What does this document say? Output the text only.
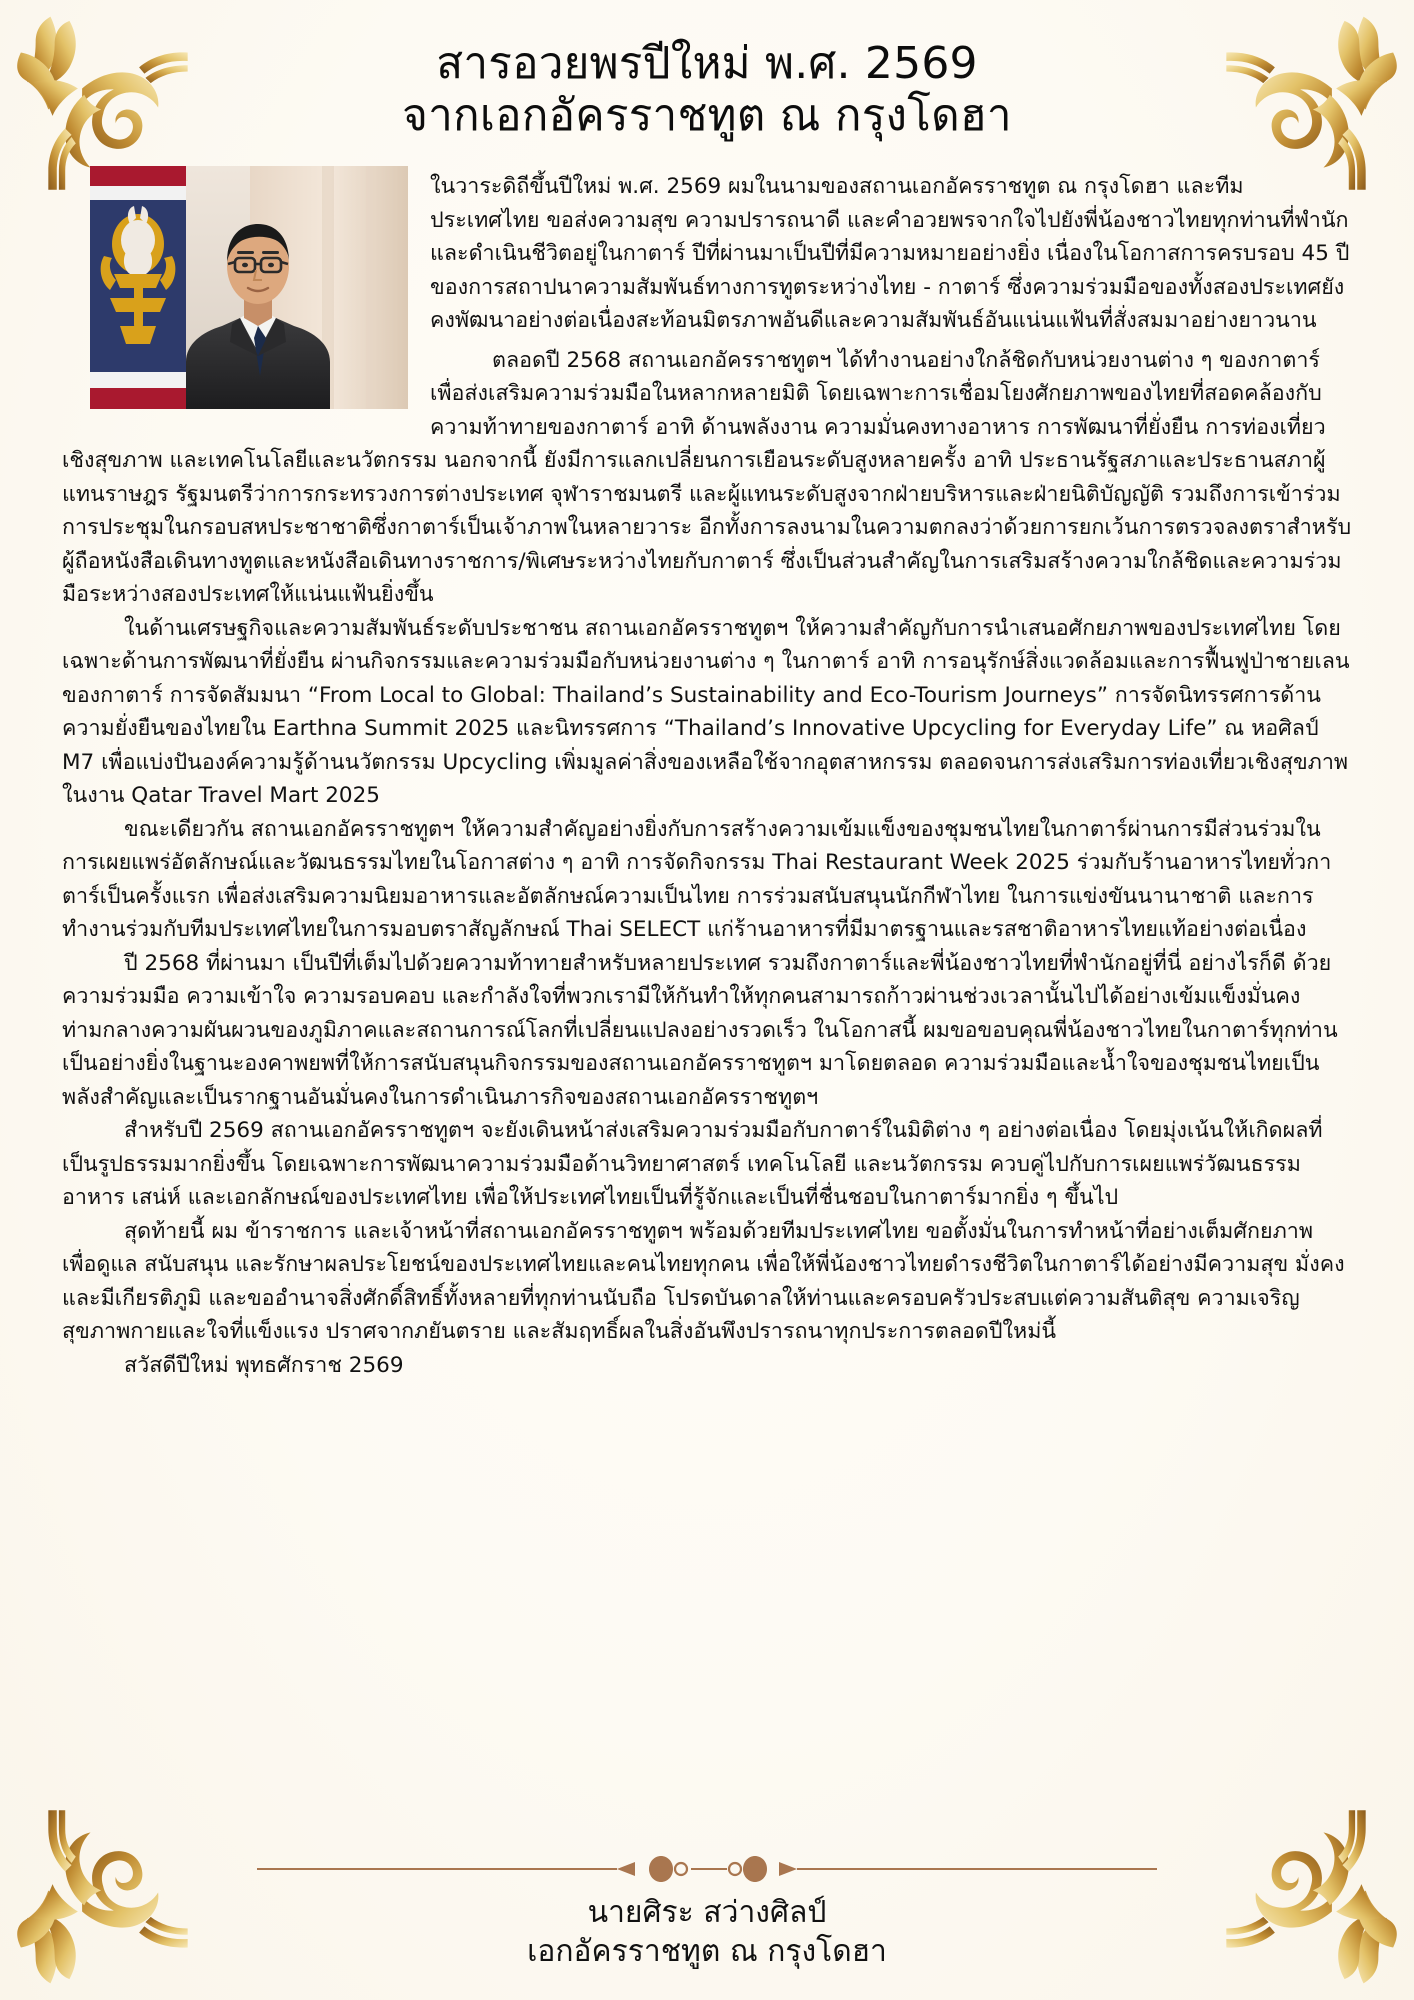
สารอวยพรปีใหม่ พ.ศ. 2569
จากเอกอัครราชทูต ณ กรุงโดฮา

ในวาระดิถีขึ้นปีใหม่ พ.ศ. 2569 ผมในนามของสถานเอกอัครราชทูต ณ กรุงโดฮา และทีมประเทศไทย ขอส่งความสุข ความปรารถนาดี และคำอวยพรจากใจไปยังพี่น้องชาวไทยทุกท่านที่พำนักและดำเนินชีวิตอยู่ในกาตาร์ ปีที่ผ่านมาเป็นปีที่มีความหมายอย่างยิ่ง เนื่องในโอกาสการครบรอบ 45 ปีของการสถาปนาความสัมพันธ์ทางการทูตระหว่างไทย - กาตาร์ ซึ่งความร่วมมือของทั้งสองประเทศยังคงพัฒนาอย่างต่อเนื่องสะท้อนมิตรภาพอันดีและความสัมพันธ์อันแน่นแฟ้นที่สั่งสมมาอย่างยาวนาน

ตลอดปี 2568 สถานเอกอัครราชทูตฯ ได้ทำงานอย่างใกล้ชิดกับหน่วยงานต่าง ๆ ของกาตาร์ เพื่อส่งเสริมความร่วมมือในหลากหลายมิติ โดยเฉพาะการเชื่อมโยงศักยภาพของไทยที่สอดคล้องกับความท้าทายของกาตาร์ อาทิ ด้านพลังงาน ความมั่นคงทางอาหาร การพัฒนาที่ยั่งยืน การท่องเที่ยวเชิงสุขภาพ และเทคโนโลยีและนวัตกรรม นอกจากนี้ ยังมีการแลกเปลี่ยนการเยือนระดับสูงหลายครั้ง อาทิ ประธานรัฐสภาและประธานสภาผู้แทนราษฎร รัฐมนตรีว่าการกระทรวงการต่างประเทศ จุฬาราชมนตรี และผู้แทนระดับสูงจากฝ่ายบริหารและฝ่ายนิติบัญญัติ รวมถึงการเข้าร่วมการประชุมในกรอบสหประชาชาติซึ่งกาตาร์เป็นเจ้าภาพในหลายวาระ อีกทั้งการลงนามในความตกลงว่าด้วยการยกเว้นการตรวจลงตราสำหรับผู้ถือหนังสือเดินทางทูตและหนังสือเดินทางราชการ/พิเศษระหว่างไทยกับกาตาร์ ซึ่งเป็นส่วนสำคัญในการเสริมสร้างความใกล้ชิดและความร่วมมือระหว่างสองประเทศให้แน่นแฟ้นยิ่งขึ้น

ในด้านเศรษฐกิจและความสัมพันธ์ระดับประชาชน สถานเอกอัครราชทูตฯ ให้ความสำคัญกับการนำเสนอศักยภาพของประเทศไทย โดยเฉพาะด้านการพัฒนาที่ยั่งยืน ผ่านกิจกรรมและความร่วมมือกับหน่วยงานต่าง ๆ ในกาตาร์ อาทิ การอนุรักษ์สิ่งแวดล้อมและการฟื้นฟูป่าชายเลนของกาตาร์ การจัดสัมมนา “From Local to Global: Thailand’s Sustainability and Eco-Tourism Journeys” การจัดนิทรรศการด้านความยั่งยืนของไทยใน Earthna Summit 2025 และนิทรรศการ “Thailand’s Innovative Upcycling for Everyday Life” ณ หอศิลป์ M7 เพื่อแบ่งปันองค์ความรู้ด้านนวัตกรรม Upcycling เพิ่มมูลค่าสิ่งของเหลือใช้จากอุตสาหกรรม ตลอดจนการส่งเสริมการท่องเที่ยวเชิงสุขภาพในงาน Qatar Travel Mart 2025

ขณะเดียวกัน สถานเอกอัครราชทูตฯ ให้ความสำคัญอย่างยิ่งกับการสร้างความเข้มแข็งของชุมชนไทยในกาตาร์ผ่านการมีส่วนร่วมในการเผยแพร่อัตลักษณ์และวัฒนธรรมไทยในโอกาสต่าง ๆ อาทิ การจัดกิจกรรม Thai Restaurant Week 2025 ร่วมกับร้านอาหารไทยทั่วกาตาร์เป็นครั้งแรก เพื่อส่งเสริมความนิยมอาหารและอัตลักษณ์ความเป็นไทย การร่วมสนับสนุนนักกีฬาไทย ในการแข่งขันนานาชาติ และการทำงานร่วมกับทีมประเทศไทยในการมอบตราสัญลักษณ์ Thai SELECT แก่ร้านอาหารที่มีมาตรฐานและรสชาติอาหารไทยแท้อย่างต่อเนื่อง

ปี 2568 ที่ผ่านมา เป็นปีที่เต็มไปด้วยความท้าทายสำหรับหลายประเทศ รวมถึงกาตาร์และพี่น้องชาวไทยที่พำนักอยู่ที่นี่ อย่างไรก็ดี ด้วยความร่วมมือ ความเข้าใจ ความรอบคอบ และกำลังใจที่พวกเรามีให้กันทำให้ทุกคนสามารถก้าวผ่านช่วงเวลานั้นไปได้อย่างเข้มแข็งมั่นคง ท่ามกลางความผันผวนของภูมิภาคและสถานการณ์โลกที่เปลี่ยนแปลงอย่างรวดเร็ว ในโอกาสนี้ ผมขอขอบคุณพี่น้องชาวไทยในกาตาร์ทุกท่านเป็นอย่างยิ่งในฐานะองคาพยพที่ให้การสนับสนุนกิจกรรมของสถานเอกอัครราชทูตฯ มาโดยตลอด ความร่วมมือและน้ำใจของชุมชนไทยเป็นพลังสำคัญและเป็นรากฐานอันมั่นคงในการดำเนินภารกิจของสถานเอกอัครราชทูตฯ

สำหรับปี 2569 สถานเอกอัครราชทูตฯ จะยังเดินหน้าส่งเสริมความร่วมมือกับกาตาร์ในมิติต่าง ๆ อย่างต่อเนื่อง โดยมุ่งเน้นให้เกิดผลที่เป็นรูปธรรมมากยิ่งขึ้น โดยเฉพาะการพัฒนาความร่วมมือด้านวิทยาศาสตร์ เทคโนโลยี และนวัตกรรม ควบคู่ไปกับการเผยแพร่วัฒนธรรม อาหาร เสน่ห์ และเอกลักษณ์ของประเทศไทย เพื่อให้ประเทศไทยเป็นที่รู้จักและเป็นที่ชื่นชอบในกาตาร์มากยิ่ง ๆ ขึ้นไป

สุดท้ายนี้ ผม ข้าราชการ และเจ้าหน้าที่สถานเอกอัครราชทูตฯ พร้อมด้วยทีมประเทศไทย ขอตั้งมั่นในการทำหน้าที่อย่างเต็มศักยภาพ เพื่อดูแล สนับสนุน และรักษาผลประโยชน์ของประเทศไทยและคนไทยทุกคน เพื่อให้พี่น้องชาวไทยดำรงชีวิตในกาตาร์ได้อย่างมีความสุข มั่งคง และมีเกียรติภูมิ และขออำนาจสิ่งศักดิ์สิทธิ์ทั้งหลายที่ทุกท่านนับถือ โปรดบันดาลให้ท่านและครอบครัวประสบแต่ความสันติสุข ความเจริญ สุขภาพกายและใจที่แข็งแรง ปราศจากภยันตราย และสัมฤทธิ์ผลในสิ่งอันพึงปรารถนาทุกประการตลอดปีใหม่นี้

สวัสดีปีใหม่ พุทธศักราช 2569

นายศิระ สว่างศิลป์
เอกอัครราชทูต ณ กรุงโดฮา
